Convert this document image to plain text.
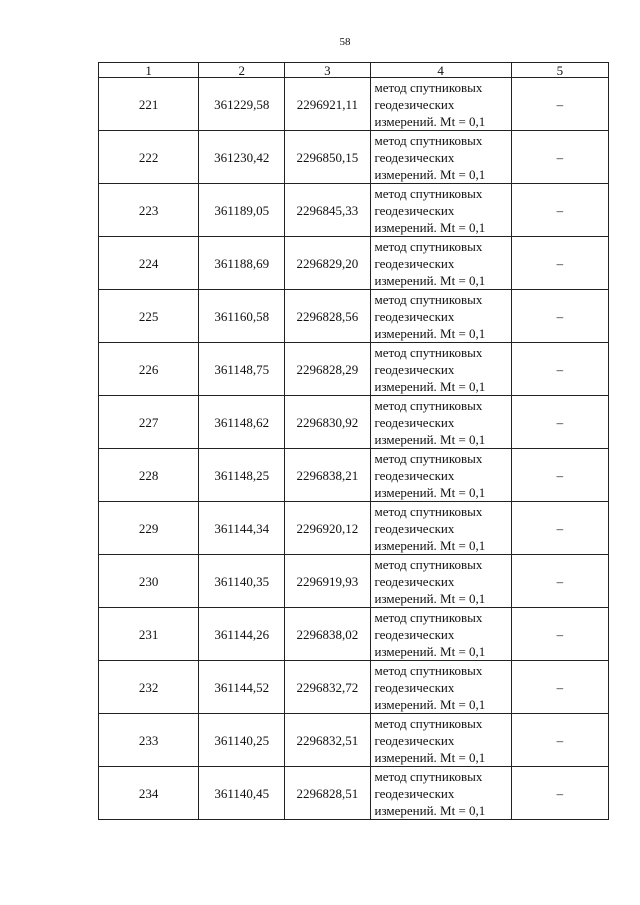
58
1	2	3	4	5
221	361229,58	2296921,11	метод спутниковых
геодезических
измерений. Mt = 0,1	–
222	361230,42	2296850,15	метод спутниковых
геодезических
измерений. Mt = 0,1	–
223	361189,05	2296845,33	метод спутниковых
геодезических
измерений. Mt = 0,1	–
224	361188,69	2296829,20	метод спутниковых
геодезических
измерений. Mt = 0,1	–
225	361160,58	2296828,56	метод спутниковых
геодезических
измерений. Mt = 0,1	–
226	361148,75	2296828,29	метод спутниковых
геодезических
измерений. Mt = 0,1	–
227	361148,62	2296830,92	метод спутниковых
геодезических
измерений. Mt = 0,1	–
228	361148,25	2296838,21	метод спутниковых
геодезических
измерений. Mt = 0,1	–
229	361144,34	2296920,12	метод спутниковых
геодезических
измерений. Mt = 0,1	–
230	361140,35	2296919,93	метод спутниковых
геодезических
измерений. Mt = 0,1	–
231	361144,26	2296838,02	метод спутниковых
геодезических
измерений. Mt = 0,1	–
232	361144,52	2296832,72	метод спутниковых
геодезических
измерений. Mt = 0,1	–
233	361140,25	2296832,51	метод спутниковых
геодезических
измерений. Mt = 0,1	–
234	361140,45	2296828,51	метод спутниковых
геодезических
измерений. Mt = 0,1	–
